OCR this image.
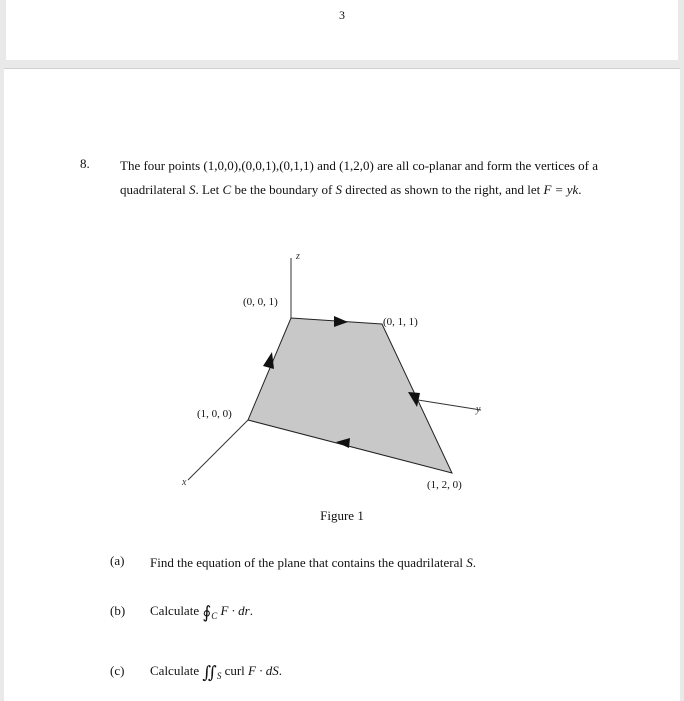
3
8. The four points (1,0,0),(0,0,1),(0,1,1) and (1,2,0) are all co-planar and form the vertices of a quadrilateral S. Let C be the boundary of S directed as shown to the right, and let F = yk.
z
y
x
(0, 0, 1)
(0, 1, 1)
(1, 0, 0)
(1, 2, 0)
Figure 1
(a) Find the equation of the plane that contains the quadrilateral S.
(b) Calculate $∮_C$ F · dr.
(c) Calculate $∬_S$ curl F · dS.
